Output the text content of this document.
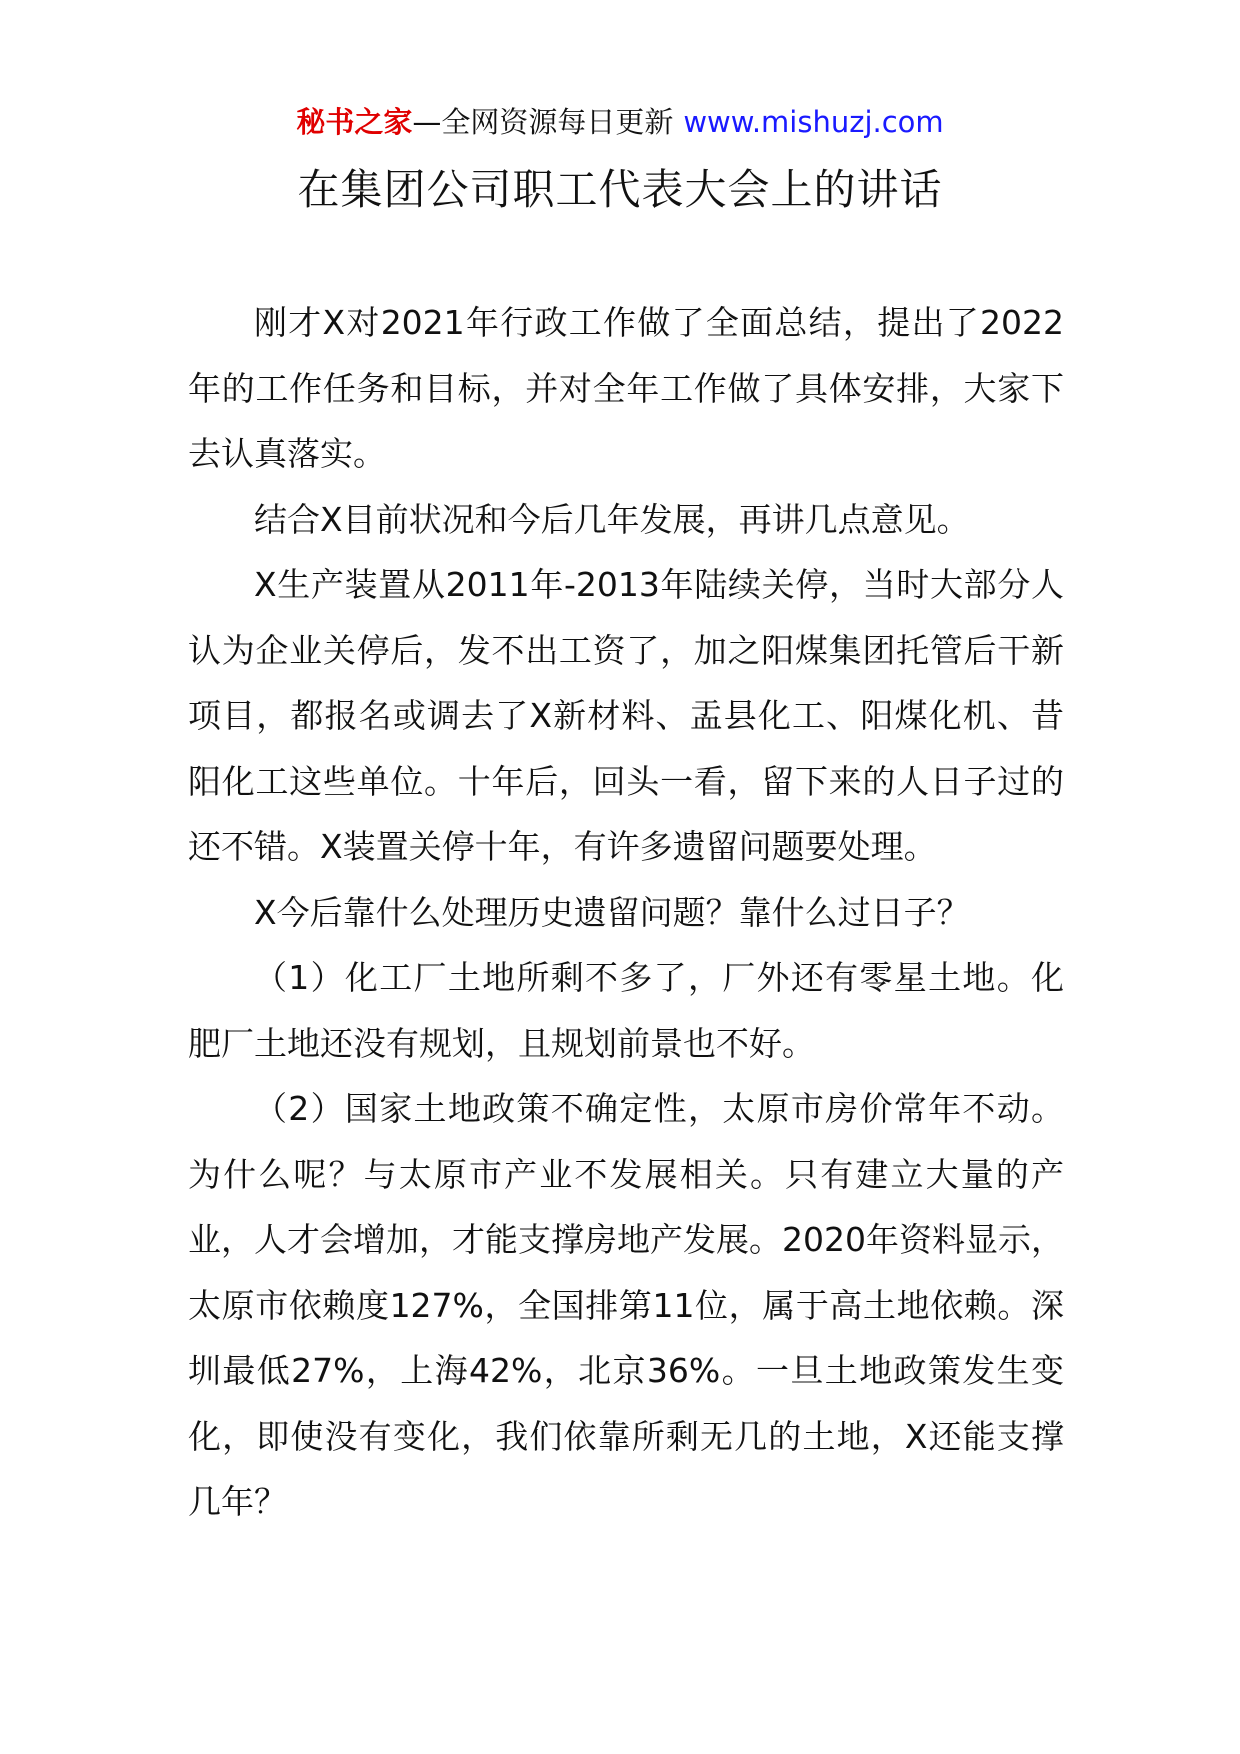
秘书之家—全网资源每日更新 www.mishuzj.com
在集团公司职工代表大会上的讲话

刚才X对2021年行政工作做了全面总结，提出了2022年的工作任务和目标，并对全年工作做了具体安排，大家下去认真落实。

结合X目前状况和今后几年发展，再讲几点意见。

X生产装置从2011年-2013年陆续关停，当时大部分人认为企业关停后，发不出工资了，加之阳煤集团托管后干新项目，都报名或调去了X新材料、盂县化工、阳煤化机、昔阳化工这些单位。十年后，回头一看，留下来的人日子过的还不错。X装置关停十年，有许多遗留问题要处理。

X今后靠什么处理历史遗留问题？靠什么过日子？

（1）化工厂土地所剩不多了，厂外还有零星土地。化肥厂土地还没有规划，且规划前景也不好。

（2）国家土地政策不确定性，太原市房价常年不动。为什么呢？与太原市产业不发展相关。只有建立大量的产业，人才会增加，才能支撑房地产发展。2020年资料显示，太原市依赖度127%，全国排第11位，属于高土地依赖。深圳最低27%，上海42%，北京36%。一旦土地政策发生变化，即使没有变化，我们依靠所剩无几的土地，X还能支撑几年？
